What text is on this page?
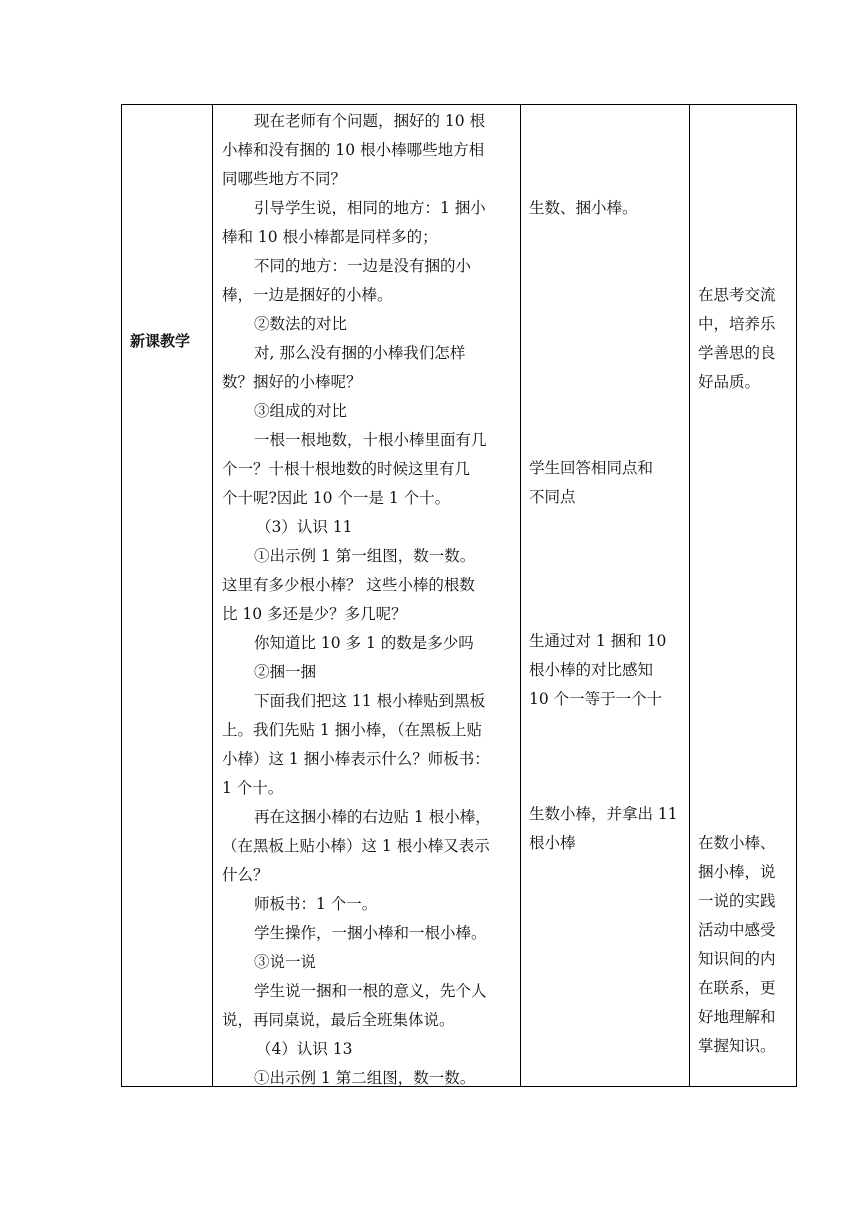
新课教学
现在老师有个问题，捆好的 10 根
小棒和没有捆的 10 根小棒哪些地方相
同哪些地方不同？
引导学生说，相同的地方：1 捆小
棒和 10 根小棒都是同样多的；
不同的地方：一边是没有捆的小
棒，一边是捆好的小棒。
②数法的对比
对, 那么没有捆的小棒我们怎样
数？捆好的小棒呢？
③组成的对比
一根一根地数，十根小棒里面有几
个一？十根十根地数的时候这里有几
个十呢?因此 10 个一是 1 个十。
（3）认识 11
①出示例 1 第一组图，数一数。
这里有多少根小棒？ 这些小棒的根数
比 10 多还是少？多几呢？
你知道比 10 多 1 的数是多少吗
②捆一捆
下面我们把这 11 根小棒贴到黑板
上。我们先贴 1 捆小棒，（在黑板上贴
小棒）这 1 捆小棒表示什么？师板书：
1 个十。
再在这捆小棒的右边贴 1 根小棒，
（在黑板上贴小棒）这 1 根小棒又表示
什么？
师板书：1 个一。
学生操作，一捆小棒和一根小棒。
③说一说
学生说一捆和一根的意义，先个人
说，再同桌说，最后全班集体说。
（4）认识 13
①出示例 1 第二组图，数一数。
生数、捆小棒。
学生回答相同点和
不同点
生通过对 1 捆和 10
根小棒的对比感知
10 个一等于一个十
生数小棒，并拿出 11
根小棒
在思考交流
中，培养乐
学善思的良
好品质。
在数小棒、
捆小棒，说
一说的实践
活动中感受
知识间的内
在联系，更
好地理解和
掌握知识。
